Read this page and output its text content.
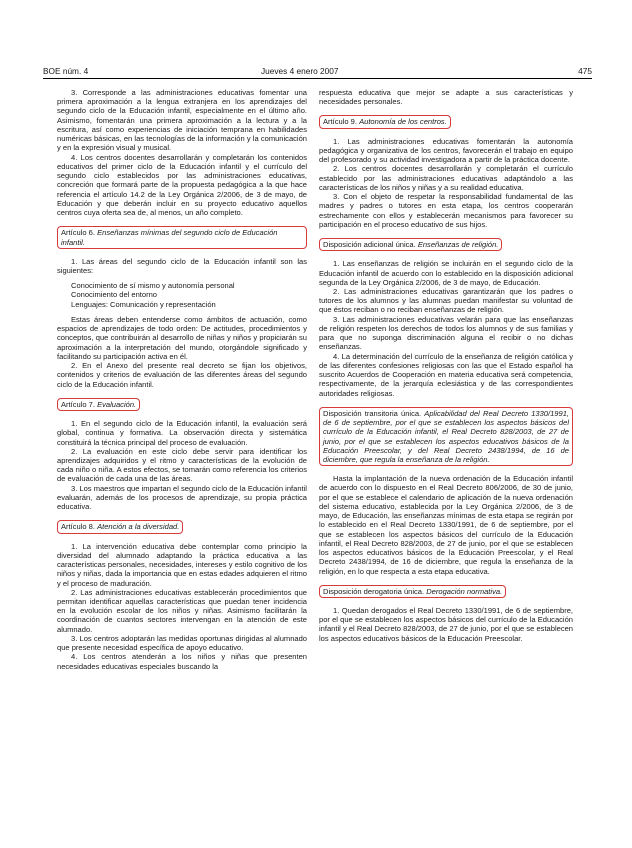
BOE núm. 4	Jueves 4 enero 2007	475

3. Corresponde a las administraciones educativas fomentar una primera aproximación a la lengua extranjera en los aprendizajes del segundo ciclo de la Educación infantil, especialmente en el último año. Asimismo, fomentarán una primera aproximación a la lectura y a la escritura, así como experiencias de iniciación temprana en habilidades numéricas básicas, en las tecnologías de la información y la comunicación y en la expresión visual y musical.

4. Los centros docentes desarrollarán y completarán los contenidos educativos del primer ciclo de la Educación infantil y el currículo del segundo ciclo establecidos por las administraciones educativas, concreción que formará parte de la propuesta pedagógica a la que hace referencia el artículo 14.2 de la Ley Orgánica 2/2006, de 3 de mayo, de Educación y que deberán incluir en su proyecto educativo aquellos centros cuya oferta sea de, al menos, un año completo.

Artículo 6. Enseñanzas mínimas del segundo ciclo de Educación infantil.

1. Las áreas del segundo ciclo de la Educación infantil son las siguientes:

Conocimiento de sí mismo y autonomía personal

Conocimiento del entorno

Lenguajes: Comunicación y representación

Estas áreas deben entenderse como ámbitos de actuación, como espacios de aprendizajes de todo orden: De actitudes, procedimientos y conceptos, que contribuirán al desarrollo de niñas y niños y propiciarán su aproximación a la interpretación del mundo, otorgándole significado y facilitando su participación activa en él.

2. En el Anexo del presente real decreto se fijan los objetivos, contenidos y criterios de evaluación de las diferentes áreas del segundo ciclo de la Educación infantil.

Artículo 7. Evaluación.

1. En el segundo ciclo de la Educación infantil, la evaluación será global, continua y formativa. La observación directa y sistemática constituirá la técnica principal del proceso de evaluación.

2. La evaluación en este ciclo debe servir para identificar los aprendizajes adquiridos y el ritmo y características de la evolución de cada niño o niña. A estos efectos, se tomarán como referencia los criterios de evaluación de cada una de las áreas.

3. Los maestros que impartan el segundo ciclo de la Educación infantil evaluarán, además de los procesos de aprendizaje, su propia práctica educativa.

Artículo 8. Atención a la diversidad.

1. La intervención educativa debe contemplar como principio la diversidad del alumnado adaptando la práctica educativa a las características personales, necesidades, intereses y estilo cognitivo de los niños y niñas, dada la importancia que en estas edades adquieren el ritmo y el proceso de maduración.

2. Las administraciones educativas establecerán procedimientos que permitan identificar aquellas características que puedan tener incidencia en la evolución escolar de los niños y niñas. Asimismo facilitarán la coordinación de cuantos sectores intervengan en la atención de este alumnado.

3. Los centros adoptarán las medidas oportunas dirigidas al alumnado que presente necesidad específica de apoyo educativo.

4. Los centros atenderán a los niños y niñas que presenten necesidades educativas especiales buscando la

respuesta educativa que mejor se adapte a sus características y necesidades personales.

Artículo 9. Autonomía de los centros.

1. Las administraciones educativas fomentarán la autonomía pedagógica y organizativa de los centros, favorecerán el trabajo en equipo del profesorado y su actividad investigadora a partir de la práctica docente.

2. Los centros docentes desarrollarán y completarán el currículo establecido por las administraciones educativas adaptándolo a las características de los niños y niñas y a su realidad educativa.

3. Con el objeto de respetar la responsabilidad fundamental de las madres y padres o tutores en esta etapa, los centros cooperarán estrechamente con ellos y establecerán mecanismos para favorecer su participación en el proceso educativo de sus hijos.

Disposición adicional única. Enseñanzas de religión.

1. Las enseñanzas de religión se incluirán en el segundo ciclo de la Educación infantil de acuerdo con lo establecido en la disposición adicional segunda de la Ley Orgánica 2/2006, de 3 de mayo, de Educación.

2. Las administraciones educativas garantizarán que los padres o tutores de los alumnos y las alumnas puedan manifestar su voluntad de que éstos reciban o no reciban enseñanzas de religión.

3. Las administraciones educativas velarán para que las enseñanzas de religión respeten los derechos de todos los alumnos y de sus familias y para que no suponga discriminación alguna el recibir o no dichas enseñanzas.

4. La determinación del currículo de la enseñanza de religión católica y de las diferentes confesiones religiosas con las que el Estado español ha suscrito Acuerdos de Cooperación en materia educativa será competencia, respectivamente, de la jerarquía eclesiástica y de las correspondientes autoridades religiosas.

Disposición transitoria única. Aplicabilidad del Real Decreto 1330/1991, de 6 de septiembre, por el que se establecen los aspectos básicos del currículo de la Educación infantil, el Real Decreto 828/2003, de 27 de junio, por el que se establecen los aspectos educativos básicos de la Educación Preescolar, y del Real Decreto 2438/1994, de 16 de diciembre, que regula la enseñanza de la religión.

Hasta la implantación de la nueva ordenación de la Educación infantil de acuerdo con lo dispuesto en el Real Decreto 806/2006, de 30 de junio, por el que se establece el calendario de aplicación de la nueva ordenación del sistema educativo, establecida por la Ley Orgánica 2/2006, de 3 de mayo, de Educación, las enseñanzas mínimas de esta etapa se regirán por lo establecido en el Real Decreto 1330/1991, de 6 de septiembre, por el que se establecen los aspectos básicos del currículo de la Educación infantil, el Real Decreto 828/2003, de 27 de junio, por el que se establecen los aspectos educativos básicos de la Educación Preescolar, y el Real Decreto 2438/1994, de 16 de diciembre, que regula la enseñanza de la religión, en lo que respecta a esta etapa educativa.

Disposición derogatoria única. Derogación normativa.

1. Quedan derogados el Real Decreto 1330/1991, de 6 de septiembre, por el que se establecen los aspectos básicos del currículo de la Educación infantil y el Real Decreto 828/2003, de 27 de junio, por el que se establecen los aspectos educativos básicos de la Educación Preescolar.
